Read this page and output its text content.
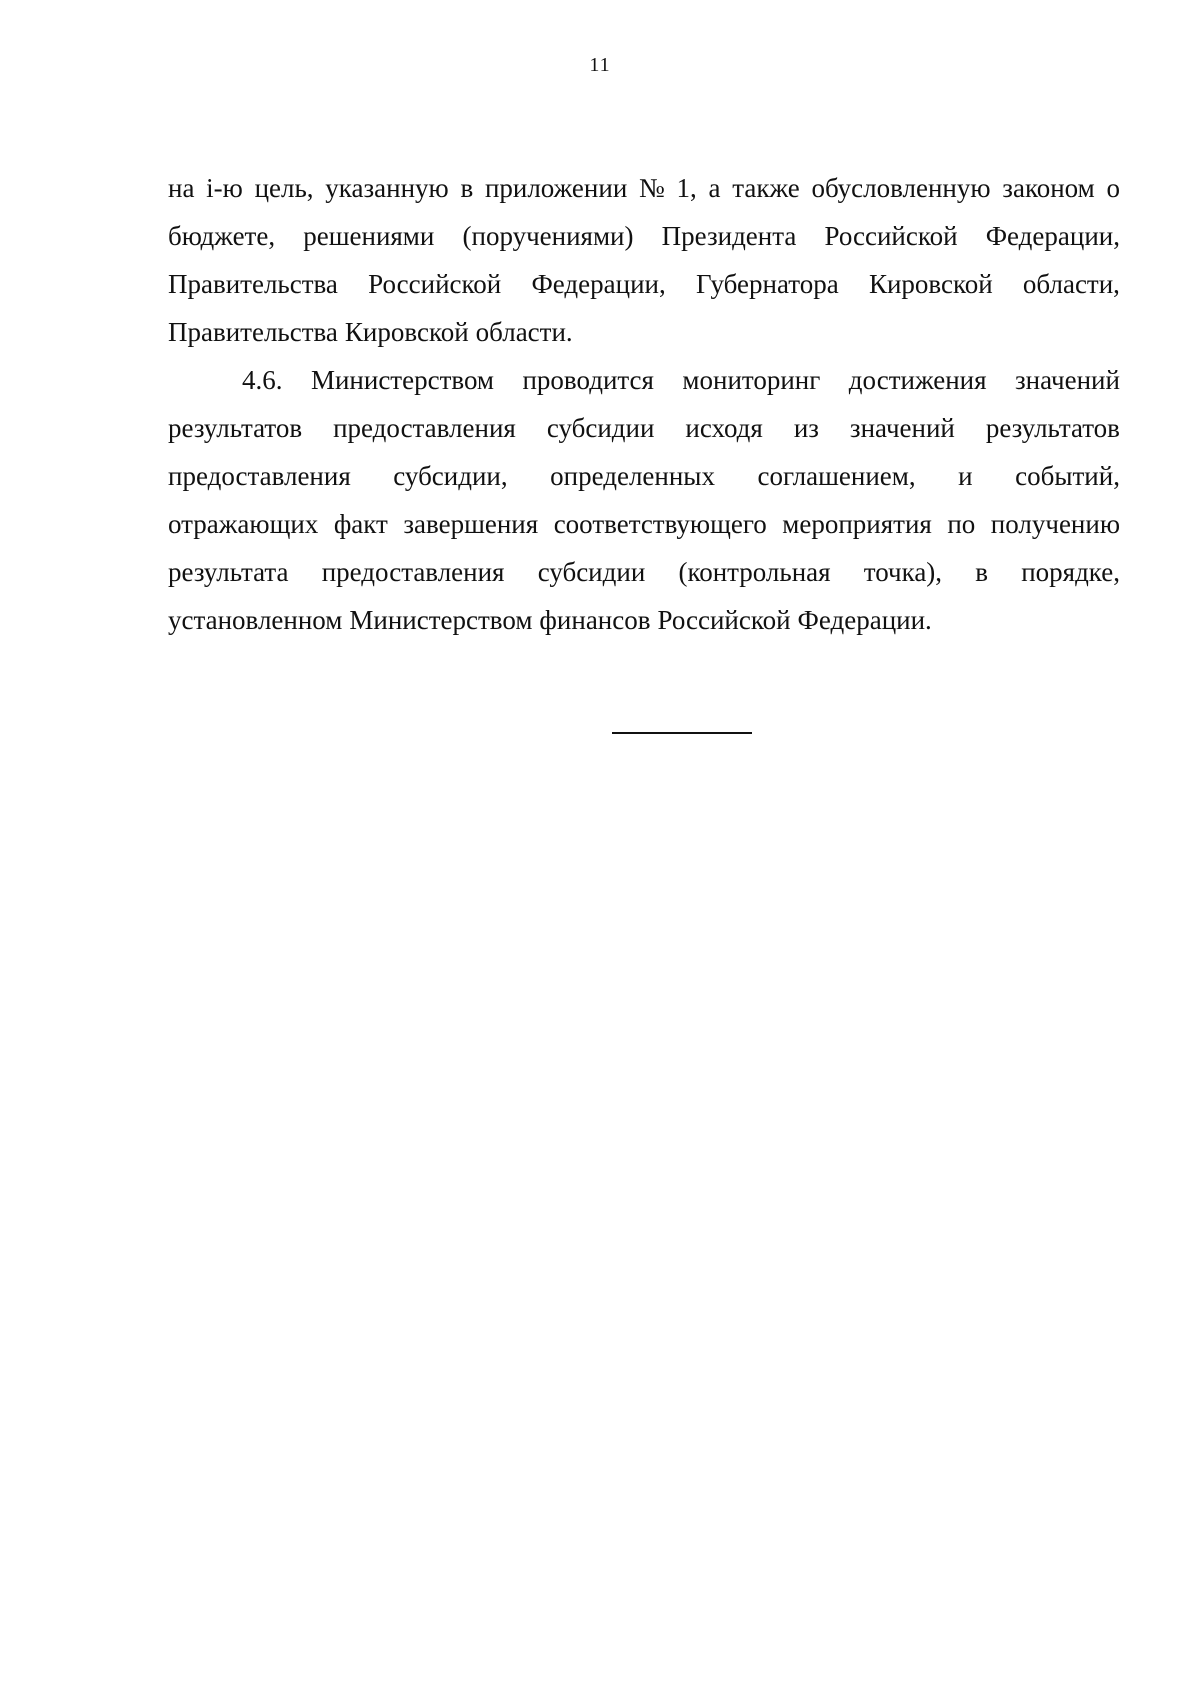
11
на i-ю цель, указанную в приложении № 1, а также обусловленную законом о
бюджете, решениями (поручениями) Президента Российской Федерации,
Правительства Российской Федерации, Губернатора Кировской области,
Правительства Кировской области.
4.6. Министерством проводится мониторинг достижения значений
результатов предоставления субсидии исходя из значений результатов
предоставления субсидии, определенных соглашением, и событий,
отражающих факт завершения соответствующего мероприятия по получению
результата предоставления субсидии (контрольная точка), в порядке,
установленном Министерством финансов Российской Федерации.
